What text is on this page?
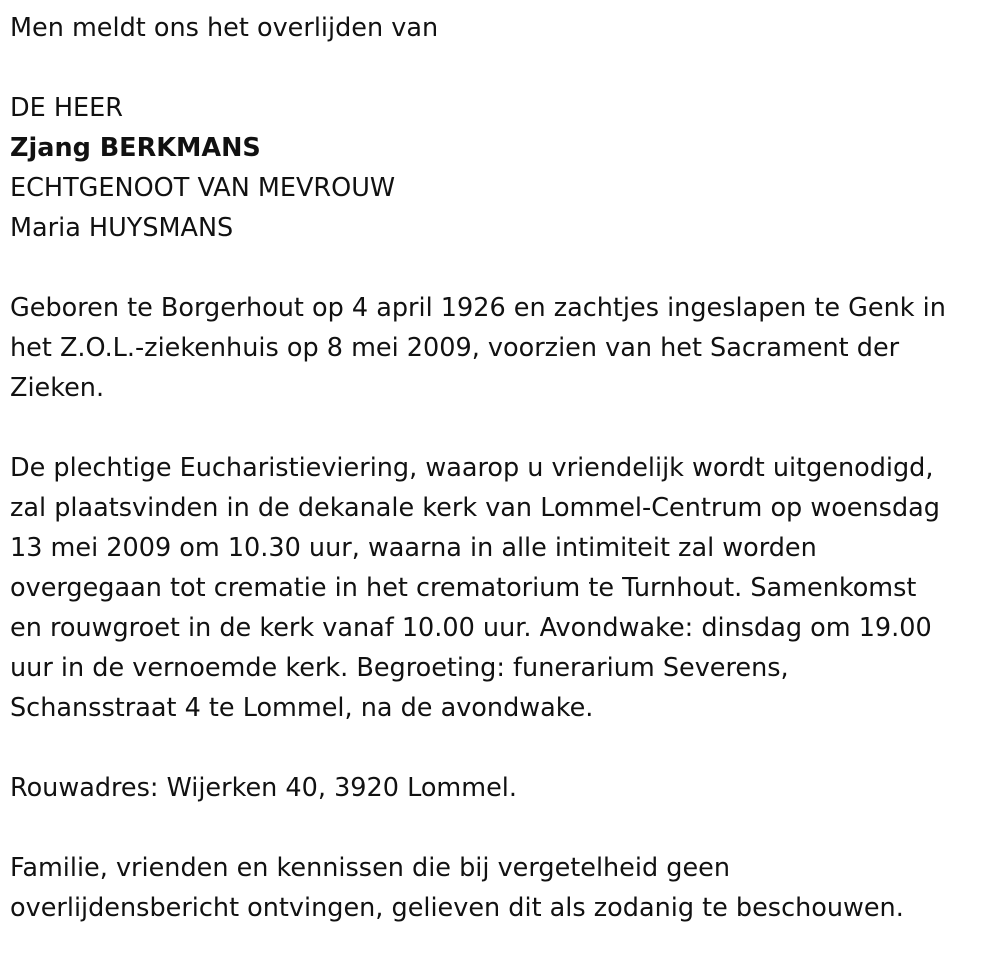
Men meldt ons het overlijden van

DE HEER

Zjang BERKMANS

ECHTGENOOT VAN MEVROUW

Maria HUYSMANS

Geboren te Borgerhout op 4 april 1926 en zachtjes ingeslapen te Genk in

het Z.O.L.-ziekenhuis op 8 mei 2009, voorzien van het Sacrament der

Zieken.

De plechtige Eucharistieviering, waarop u vriendelijk wordt uitgenodigd,

zal plaatsvinden in de dekanale kerk van Lommel-Centrum op woensdag

13 mei 2009 om 10.30 uur, waarna in alle intimiteit zal worden

overgegaan tot crematie in het crematorium te Turnhout. Samenkomst

en rouwgroet in de kerk vanaf 10.00 uur. Avondwake: dinsdag om 19.00

uur in de vernoemde kerk. Begroeting: funerarium Severens,

Schansstraat 4 te Lommel, na de avondwake.

Rouwadres: Wijerken 40, 3920 Lommel.

Familie, vrienden en kennissen die bij vergetelheid geen

overlijdensbericht ontvingen, gelieven dit als zodanig te beschouwen.
